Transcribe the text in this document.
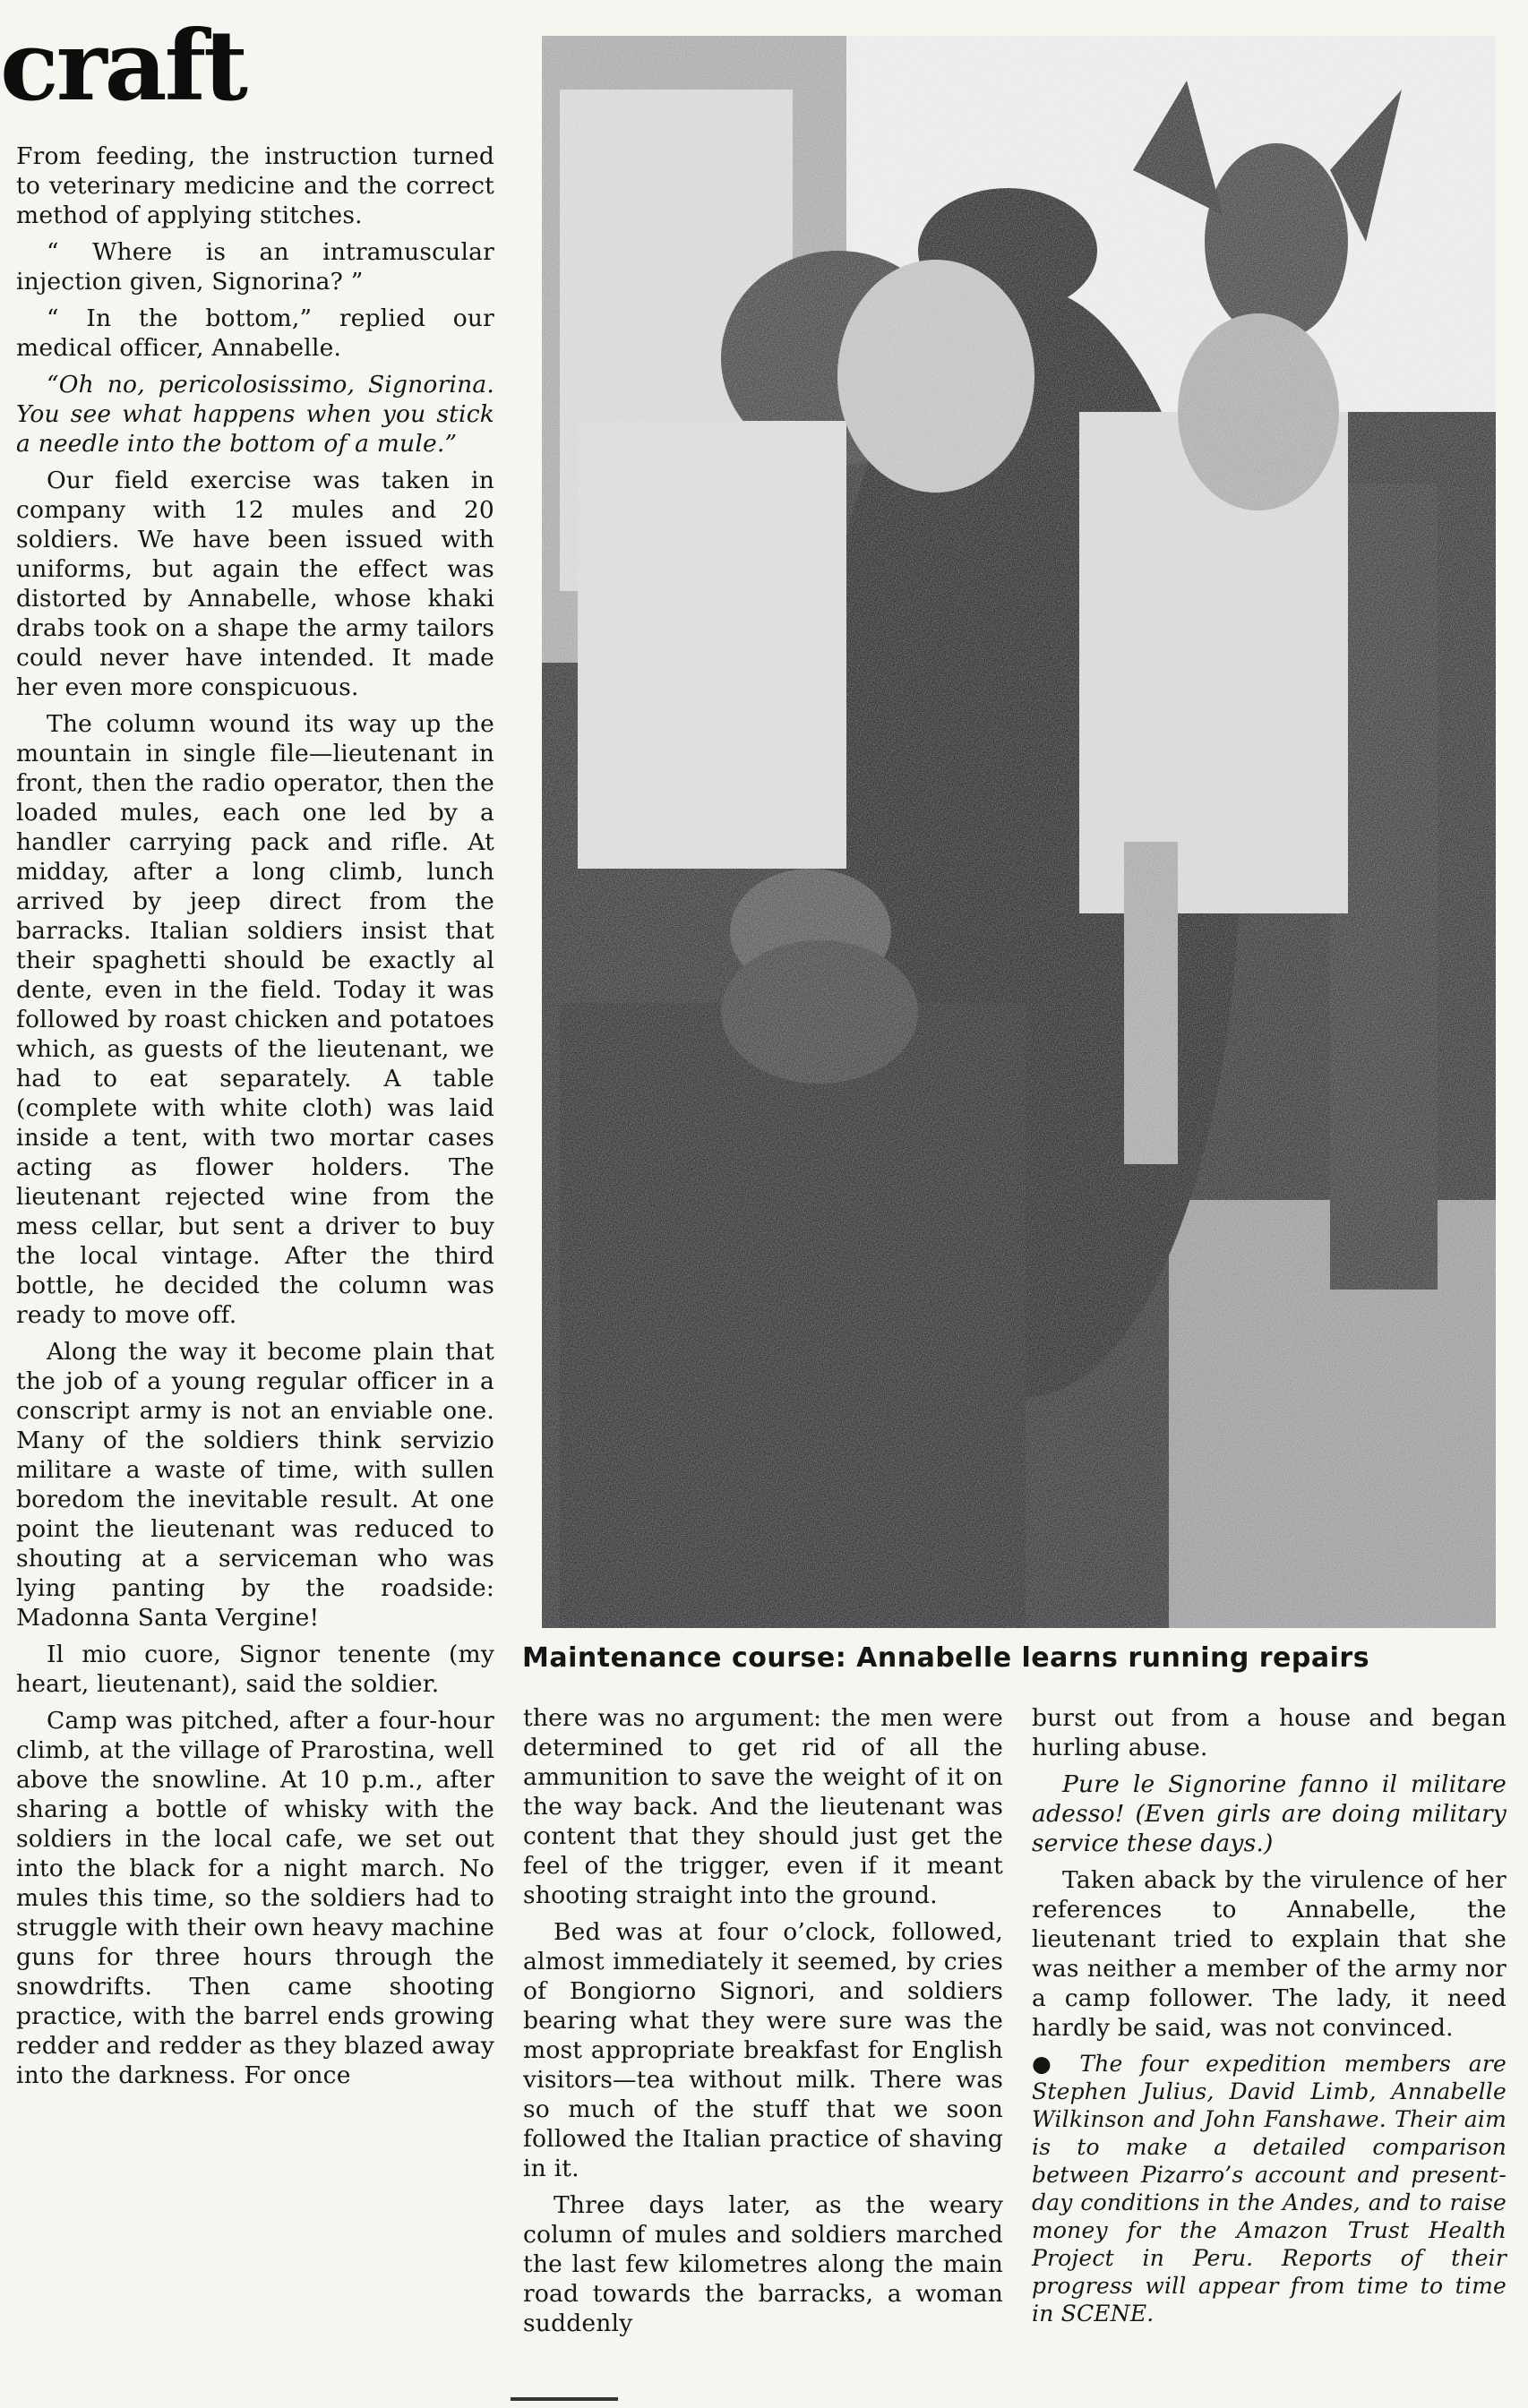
craft

From feeding, the instruction turned to veterinary medicine and the correct method of applying stitches.

“ Where is an intramuscular injection given, Signorina? ”

“ In the bottom,” replied our medical officer, Annabelle.

“Oh no, pericolosissimo, Signorina. You see what happens when you stick a needle into the bottom of a mule.”

Our field exercise was taken in company with 12 mules and 20 soldiers. We have been issued with uniforms, but again the effect was distorted by Annabelle, whose khaki drabs took on a shape the army tailors could never have intended. It made her even more conspicuous.

The column wound its way up the mountain in single file—lieutenant in front, then the radio operator, then the loaded mules, each one led by a handler carrying pack and rifle. At midday, after a long climb, lunch arrived by jeep direct from the barracks. Italian soldiers insist that their spaghetti should be exactly al dente, even in the field. Today it was followed by roast chicken and potatoes which, as guests of the lieutenant, we had to eat separately. A table (complete with white cloth) was laid inside a tent, with two mortar cases acting as flower holders. The lieutenant rejected wine from the mess cellar, but sent a driver to buy the local vintage. After the third bottle, he decided the column was ready to move off.

Along the way it become plain that the job of a young regular officer in a conscript army is not an enviable one. Many of the soldiers think servizio militare a waste of time, with sullen boredom the inevitable result. At one point the lieutenant was reduced to shouting at a serviceman who was lying panting by the roadside: Madonna Santa Vergine!

Il mio cuore, Signor tenente (my heart, lieutenant), said the soldier.

Camp was pitched, after a four-hour climb, at the village of Prarostina, well above the snowline. At 10 p.m., after sharing a bottle of whisky with the soldiers in the local cafe, we set out into the black for a night march. No mules this time, so the soldiers had to struggle with their own heavy machine guns for three hours through the snowdrifts. Then came shooting practice, with the barrel ends growing redder and redder as they blazed away into the darkness. For once

Maintenance course: Annabelle learns running repairs

there was no argument: the men were determined to get rid of all the ammunition to save the weight of it on the way back. And the lieutenant was content that they should just get the feel of the trigger, even if it meant shooting straight into the ground.

Bed was at four o’clock, followed, almost immediately it seemed, by cries of Bongiorno Signori, and soldiers bearing what they were sure was the most appropriate breakfast for English visitors—tea without milk. There was so much of the stuff that we soon followed the Italian practice of shaving in it.

Three days later, as the weary column of mules and soldiers marched the last few kilometres along the main road towards the barracks, a woman suddenly

burst out from a house and began hurling abuse.

Pure le Signorine fanno il militare adesso! (Even girls are doing military service these days.)

Taken aback by the virulence of her references to Annabelle, the lieutenant tried to explain that she was neither a member of the army nor a camp follower. The lady, it need hardly be said, was not convinced.

● The four expedition members are Stephen Julius, David Limb, Annabelle Wilkinson and John Fanshawe. Their aim is to make a detailed comparison between Pizarro’s account and present-day conditions in the Andes, and to raise money for the Amazon Trust Health Project in Peru. Reports of their progress will appear from time to time in SCENE.
